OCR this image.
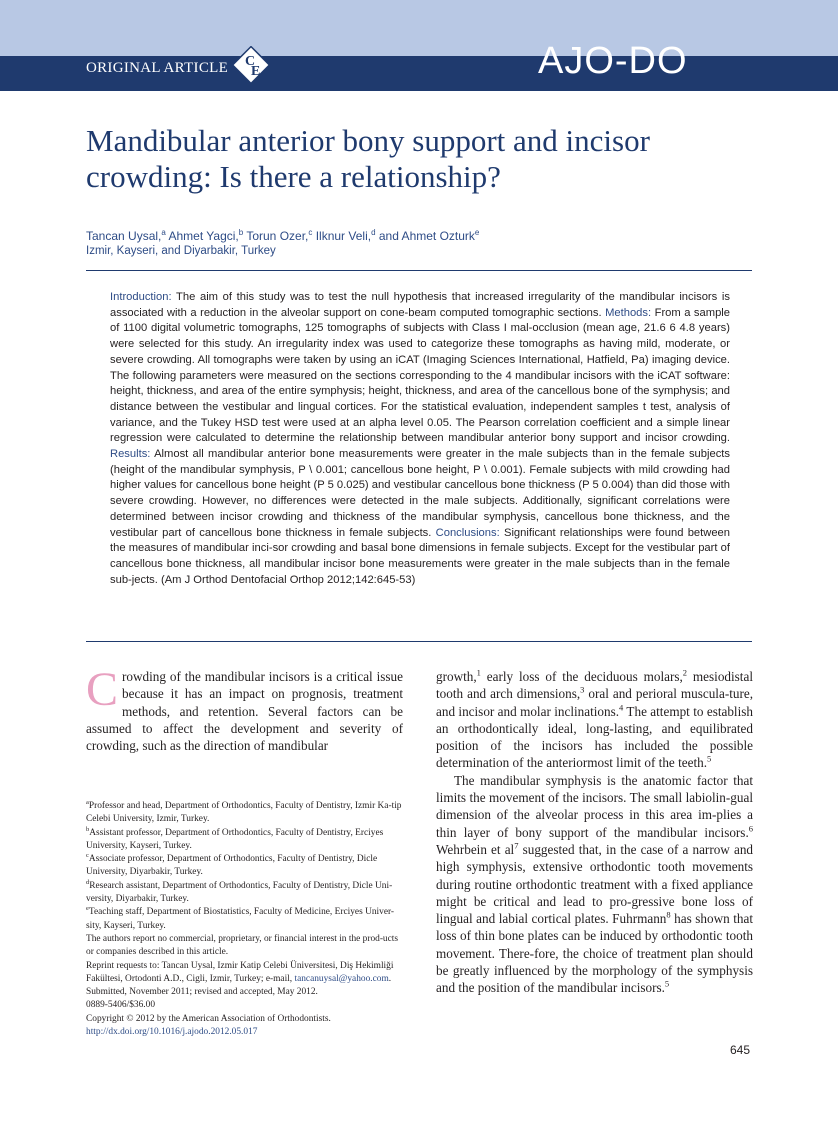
ORIGINAL ARTICLE C
E	AJO-DO
Mandibular anterior bony support and incisor crowding: Is there a relationship?
Tancan Uysal,$^a$ Ahmet Yagci,$^b$ Torun Ozer,$^c$ Ilknur Veli,$^d$ and Ahmet Ozturk$^e$
Izmir, Kayseri, and Diyarbakir, Turkey

Introduction: The aim of this study was to test the null hypothesis that increased irregularity of the mandibular incisors is associated with a reduction in the alveolar support on cone-beam computed tomographic sections. Methods: From a sample of 1100 digital volumetric tomographs, 125 tomographs of subjects with Class I mal-occlusion (mean age, 21.6 6 4.8 years) were selected for this study. An irregularity index was used to categorize these tomographs as having mild, moderate, or severe crowding. All tomographs were taken by using an iCAT (Imaging Sciences International, Hatfield, Pa) imaging device. The following parameters were measured on the sections corresponding to the 4 mandibular incisors with the iCAT software: height, thickness, and area of the entire symphysis; height, thickness, and area of the cancellous bone of the symphysis; and distance between the vestibular and lingual cortices. For the statistical evaluation, independent samples t test, analysis of variance, and the Tukey HSD test were used at an alpha level 0.05. The Pearson correlation coefficient and a simple linear regression were calculated to determine the relationship between mandibular anterior bony support and incisor crowding. Results: Almost all mandibular anterior bone measurements were greater in the male subjects than in the female subjects (height of the mandibular symphysis, P \ 0.001; cancellous bone height, P \ 0.001). Female subjects with mild crowding had higher values for cancellous bone height (P 5 0.025) and vestibular cancellous bone thickness (P 5 0.004) than did those with severe crowding. However, no differences were detected in the male subjects. Additionally, significant correlations were determined between incisor crowding and thickness of the mandibular symphysis, cancellous bone thickness, and the vestibular part of cancellous bone thickness in female subjects. Conclusions: Significant relationships were found between the measures of mandibular inci-sor crowding and basal bone dimensions in female subjects. Except for the vestibular part of cancellous bone thickness, all mandibular incisor bone measurements were greater in the male subjects than in the female sub-jects. (Am J Orthod Dentofacial Orthop 2012;142:645-53)

Crowding of the mandibular incisors is a critical issue because it has an impact on prognosis, treatment methods, and retention. Several factors can be assumed to affect the development and severity of crowding, such as the direction of mandibular

growth,$^1$ early loss of the deciduous molars,$^2$ mesiodistal tooth and arch dimensions,$^3$ oral and perioral muscula-ture, and incisor and molar inclinations.$^4$ The attempt to establish an orthodontically ideal, long-lasting, and equilibrated position of the incisors has included the possible determination of the anteriormost limit of the teeth.$^5$

The mandibular symphysis is the anatomic factor that limits the movement of the incisors. The small labiolin-gual dimension of the alveolar process in this area im-plies a thin layer of bony support of the mandibular incisors.$^6$ Wehrbein et $al^7$ suggested that, in the case of a narrow and high symphysis, extensive orthodontic tooth movements during routine orthodontic treatment with a fixed appliance might be critical and lead to pro-gressive bone loss of lingual and labial cortical plates. Fuhrmann$^8$ has shown that loss of thin bone plates can be induced by orthodontic tooth movement. There-fore, the choice of treatment plan should be greatly influenced by the morphology of the symphysis and the position of the mandibular incisors.$^5$

$^a$Professor and head, Department of Orthodontics, Faculty of Dentistry, Izmir Ka-tip Celebi University, Izmir, Turkey.

$^b$Assistant professor, Department of Orthodontics, Faculty of Dentistry, Erciyes University, Kayseri, Turkey.

$^c$Associate professor, Department of Orthodontics, Faculty of Dentistry, Dicle University, Diyarbakir, Turkey.

$^d$Research assistant, Department of Orthodontics, Faculty of Dentistry, Dicle Uni-versity, Diyarbakir, Turkey.

$^e$Teaching staff, Department of Biostatistics, Faculty of Medicine, Erciyes Univer-sity, Kayseri, Turkey.

The authors report no commercial, proprietary, or financial interest in the prod-ucts or companies described in this article.

Reprint requests to: Tancan Uysal, Izmir Katip Celebi Üniversitesi, Diş Hekimliği Fakültesi, Ortodonti A.D., Cigli, Izmir, Turkey; e-mail, tancanuysal@yahoo.com.

Submitted, November 2011; revised and accepted, May 2012.

0889-5406/$36.00

Copyright © 2012 by the American Association of Orthodontists.

http://dx.doi.org/10.1016/j.ajodo.2012.05.017

645
